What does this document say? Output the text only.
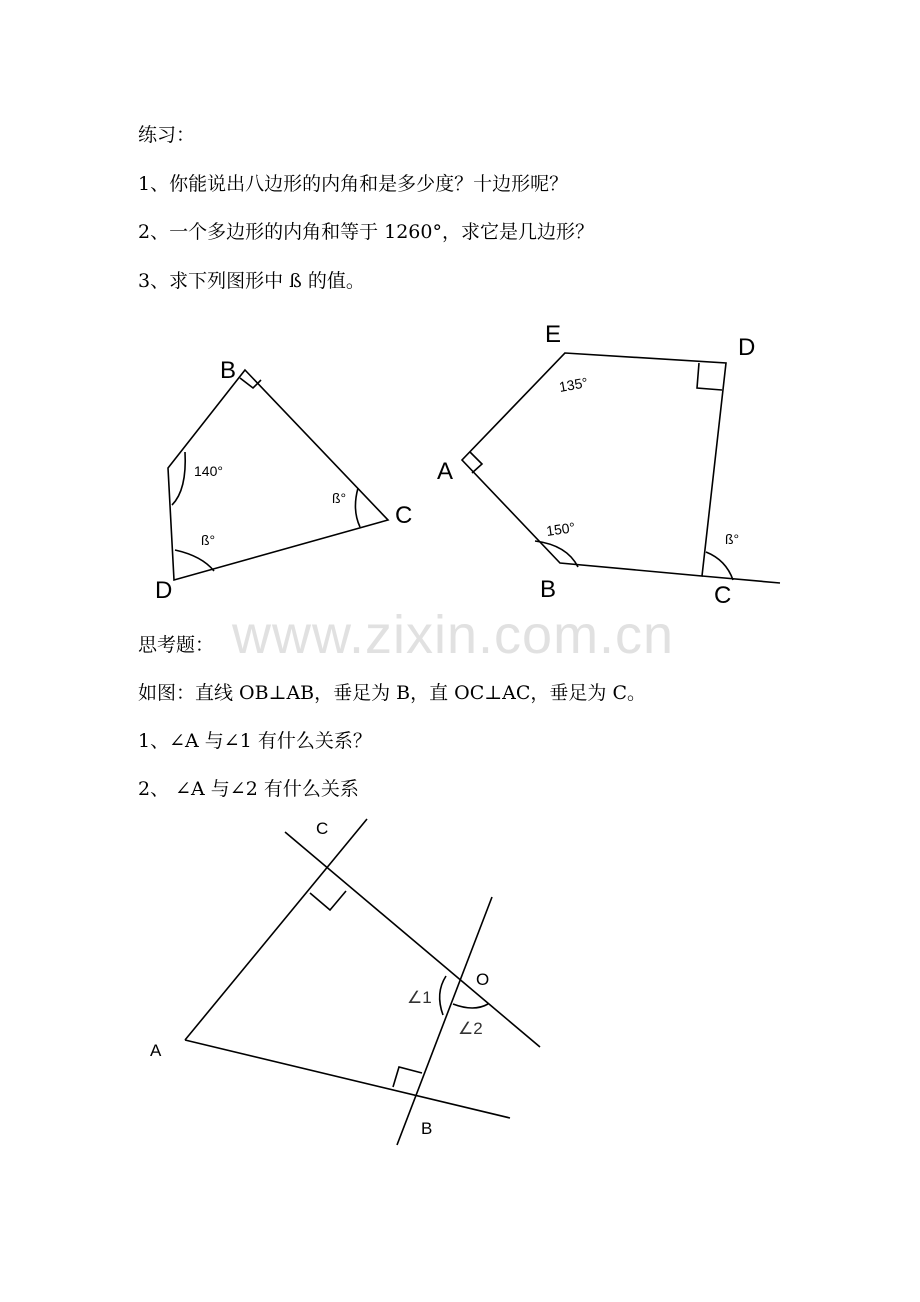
练习：
1、你能说出八边形的内角和是多少度？十边形呢？
2、一个多边形的内角和等于 1260°，求它是几边形？
3、求下列图形中 ß 的值。
www.zixin.com.cn
思考题：
如图：直线 OB⊥AB，垂足为 B，直 OC⊥AC，垂足为 C。
1、∠A 与∠1 有什么关系？
2、 ∠A 与∠2 有什么关系
B
C
D
140°
ß°
ß°
E	D
A
B	C
135°
150°
ß°
C
O
A
B
∠1
∠2
